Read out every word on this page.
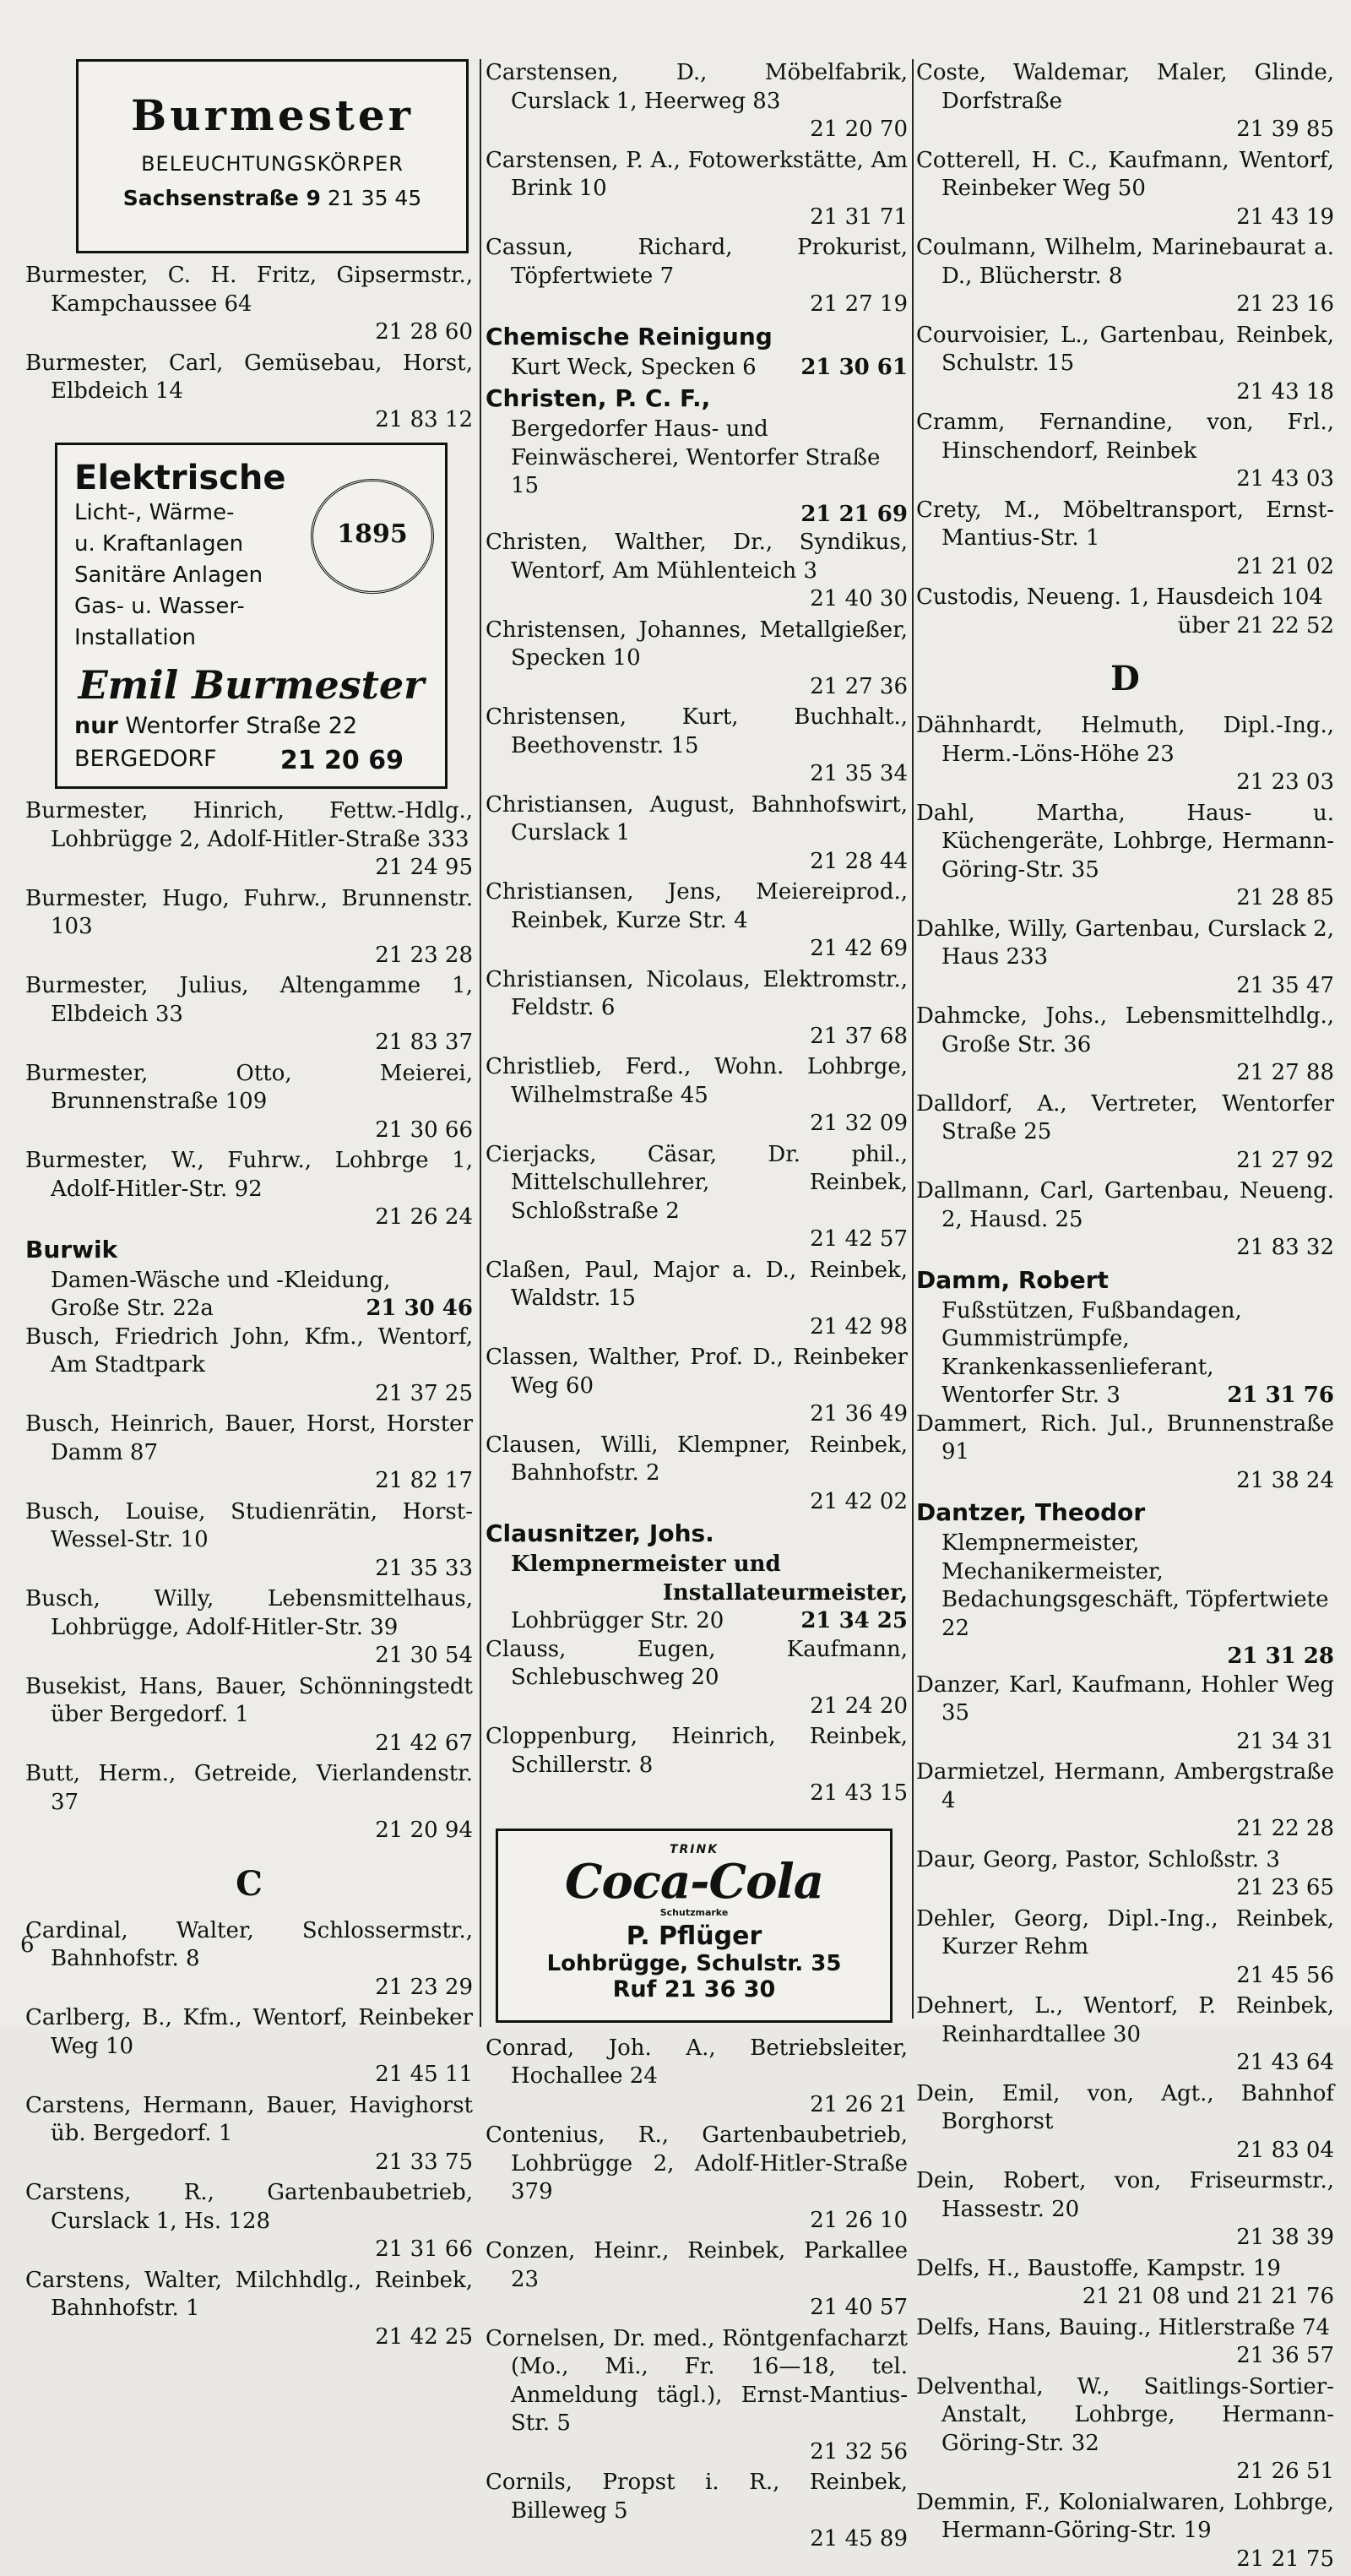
Burmester
BELEUCHTUNGSKÖRPER
Sachsenstraße 9 21 35 45

Burmester, C. H. Fritz, Gipsermstr., Kampchaussee 64
21 28 60

Burmester, Carl, Gemüsebau, Horst, Elbdeich 14
21 83 12

Elektrische
Licht-, Wärme-
u. Kraftanlagen
Sanitäre Anlagen
Gas- u. Wasser-Installation
1895
Emil Burmester
nur Wentorfer Straße 22
BERGEDORF	21 20 69

Burmester, Hinrich, Fettw.-Hdlg., Lohbrügge 2, Adolf-Hitler-Straße 333
21 24 95

Burmester, Hugo, Fuhrw., Brunnenstr. 103
21 23 28

Burmester, Julius, Altengamme 1, Elbdeich 33
21 83 37

Burmester, Otto, Meierei, Brunnenstraße 109
21 30 66

Burmester, W., Fuhrw., Lohbrge 1, Adolf-Hitler-Str. 92
21 26 24

Burwik

Damen-Wäsche und -Kleidung,

Große Str. 22a	21 30 46

Busch, Friedrich John, Kfm., Wentorf, Am Stadtpark
21 37 25

Busch, Heinrich, Bauer, Horst, Horster Damm 87
21 82 17

Busch, Louise, Studienrätin, Horst-Wessel-Str. 10
21 35 33

Busch, Willy, Lebensmittelhaus, Lohbrügge, Adolf-Hitler-Str. 39
21 30 54

Busekist, Hans, Bauer, Schönningstedt über Bergedorf. 1
21 42 67

Butt, Herm., Getreide, Vierlandenstr. 37
21 20 94

C

Cardinal, Walter, Schlossermstr., Bahnhofstr. 8
21 23 29

Carlberg, B., Kfm., Wentorf, Reinbeker Weg 10
21 45 11

Carstens, Hermann, Bauer, Havighorst üb. Bergedorf. 1
21 33 75

Carstens, R., Gartenbaubetrieb, Curslack 1, Hs. 128
21 31 66

Carstens, Walter, Milchhdlg., Reinbek, Bahnhofstr. 1
21 42 25

Carstensen, D., Möbelfabrik, Curslack 1, Heerweg 83
21 20 70

Carstensen, P. A., Fotowerkstätte, Am Brink 10
21 31 71

Cassun, Richard, Prokurist, Töpfertwiete 7
21 27 19

Chemische Reinigung

Kurt Weck, Specken 6 21 30 61

Christen, P. C. F.,

Bergedorfer Haus- und Feinwäscherei, Wentorfer Straße 15

21 21 69

Christen, Walther, Dr., Syndikus, Wentorf, Am Mühlenteich 3
21 40 30

Christensen, Johannes, Metallgießer, Specken 10
21 27 36

Christensen, Kurt, Buchhalt., Beethovenstr. 15
21 35 34

Christiansen, August, Bahnhofswirt, Curslack 1
21 28 44

Christiansen, Jens, Meiereiprod., Reinbek, Kurze Str. 4
21 42 69

Christiansen, Nicolaus, Elektromstr., Feldstr. 6
21 37 68

Christlieb, Ferd., Wohn. Lohbrge, Wilhelmstraße 45
21 32 09

Cierjacks, Cäsar, Dr. phil., Mittelschullehrer, Reinbek, Schloßstraße 2
21 42 57

Claßen, Paul, Major a. D., Reinbek, Waldstr. 15
21 42 98

Classen, Walther, Prof. D., Reinbeker Weg 60
21 36 49

Clausen, Willi, Klempner, Reinbek, Bahnhofstr. 2
21 42 02

Clausnitzer, Johs.

Klempnermeister und

Installateurmeister,

Lohbrügger Str. 20	21 34 25

Clauss, Eugen, Kaufmann, Schlebuschweg 20
21 24 20

Cloppenburg, Heinrich, Reinbek, Schillerstr. 8
21 43 15

TRINK
Coca-Cola
Schutzmarke
P. Pflüger
Lohbrügge, Schulstr. 35
Ruf 21 36 30

Conrad, Joh. A., Betriebsleiter, Hochallee 24
21 26 21

Contenius, R., Gartenbaubetrieb, Lohbrügge 2, Adolf-Hitler-Straße 379
21 26 10

Conzen, Heinr., Reinbek, Parkallee 23
21 40 57

Cornelsen, Dr. med., Röntgenfacharzt (Mo., Mi., Fr. 16—18, tel. Anmeldung tägl.), Ernst-Mantius-Str. 5
21 32 56

Cornils, Propst i. R., Reinbek, Billeweg 5
21 45 89

Coste, Waldemar, Maler, Glinde, Dorfstraße
21 39 85

Cotterell, H. C., Kaufmann, Wentorf, Reinbeker Weg 50
21 43 19

Coulmann, Wilhelm, Marinebaurat a. D., Blücherstr. 8
21 23 16

Courvoisier, L., Gartenbau, Reinbek, Schulstr. 15
21 43 18

Cramm, Fernandine, von, Frl., Hinschendorf, Reinbek
21 43 03

Crety, M., Möbeltransport, Ernst-Mantius-Str. 1
21 21 02

Custodis, Neueng. 1, Hausdeich 104
über 21 22 52

D

Dähnhardt, Helmuth, Dipl.-Ing., Herm.-Löns-Höhe 23
21 23 03

Dahl, Martha, Haus- u. Küchengeräte, Lohbrge, Hermann-Göring-Str. 35
21 28 85

Dahlke, Willy, Gartenbau, Curslack 2, Haus 233
21 35 47

Dahmcke, Johs., Lebensmittelhdlg., Große Str. 36
21 27 88

Dalldorf, A., Vertreter, Wentorfer Straße 25
21 27 92

Dallmann, Carl, Gartenbau, Neueng. 2, Hausd. 25
21 83 32

Damm, Robert
Fußstützen, Fußbandagen,
Gummistrümpfe,
Krankenkassenlieferant,

Wentorfer Str. 3	21 31 76

Dammert, Rich. Jul., Brunnenstraße 91
21 38 24

Dantzer, Theodor

Klempnermeister, Mechanikermeister, Bedachungsgeschäft, Töpfertwiete 22

21 31 28

Danzer, Karl, Kaufmann, Hohler Weg 35
21 34 31

Darmietzel, Hermann, Ambergstraße 4
21 22 28

Daur, Georg, Pastor, Schloßstr. 3
21 23 65

Dehler, Georg, Dipl.-Ing., Reinbek, Kurzer Rehm
21 45 56

Dehnert, L., Wentorf, P. Reinbek, Reinhardtallee 30
21 43 64

Dein, Emil, von, Agt., Bahnhof Borghorst
21 83 04

Dein, Robert, von, Friseurmstr., Hassestr. 20
21 38 39

Delfs, H., Baustoffe, Kampstr. 19
21 21 08 und 21 21 76

Delfs, Hans, Bauing., Hitlerstraße 74
21 36 57

Delventhal, W., Saitlings-Sortier-Anstalt, Lohbrge, Hermann-Göring-Str. 32
21 26 51

Demmin, F., Kolonialwaren, Lohbrge, Hermann-Göring-Str. 19
21 21 75

6
